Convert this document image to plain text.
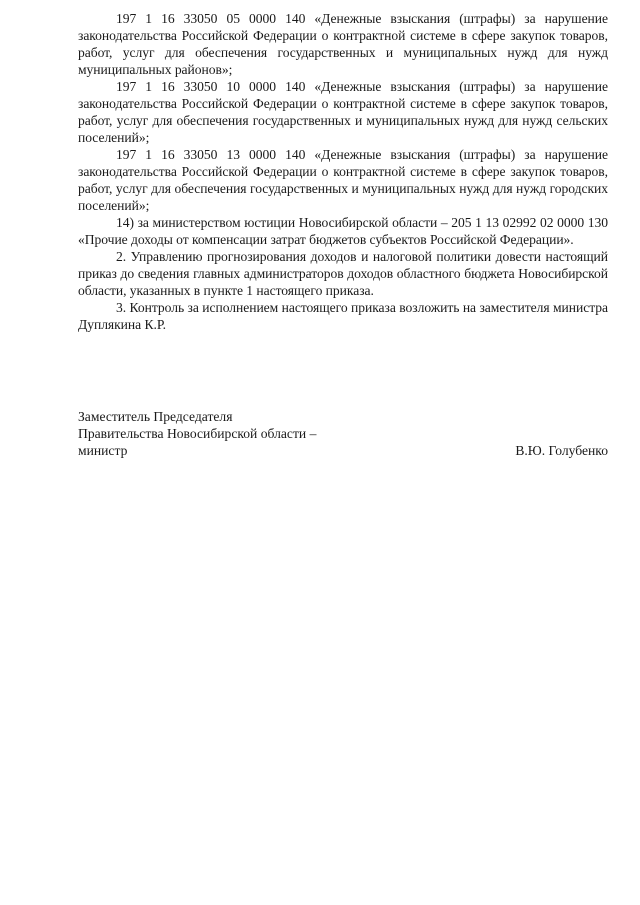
197 1 16 33050 05 0000 140 «Денежные взыскания (штрафы) за нарушение законодательства Российской Федерации о контрактной системе в сфере закупок товаров, работ, услуг для обеспечения государственных и муниципальных нужд для нужд муниципальных районов»;

197 1 16 33050 10 0000 140 «Денежные взыскания (штрафы) за нарушение законодательства Российской Федерации о контрактной системе в сфере закупок товаров, работ, услуг для обеспечения государственных и муниципальных нужд для нужд сельских поселений»;

197 1 16 33050 13 0000 140 «Денежные взыскания (штрафы) за нарушение законодательства Российской Федерации о контрактной системе в сфере закупок товаров, работ, услуг для обеспечения государственных и муниципальных нужд для нужд городских поселений»;

14) за министерством юстиции Новосибирской области – 205 1 13 02992 02 0000 130 «Прочие доходы от компенсации затрат бюджетов субъектов Российской Федерации».

2. Управлению прогнозирования доходов и налоговой политики довести настоящий приказ до сведения главных администраторов доходов областного бюджета Новосибирской области, указанных в пункте 1 настоящего приказа.

3. Контроль за исполнением настоящего приказа возложить на заместителя министра Дуплякина К.Р.

Заместитель Председателя
Правительства Новосибирской области –
министр	В.Ю. Голубенко
